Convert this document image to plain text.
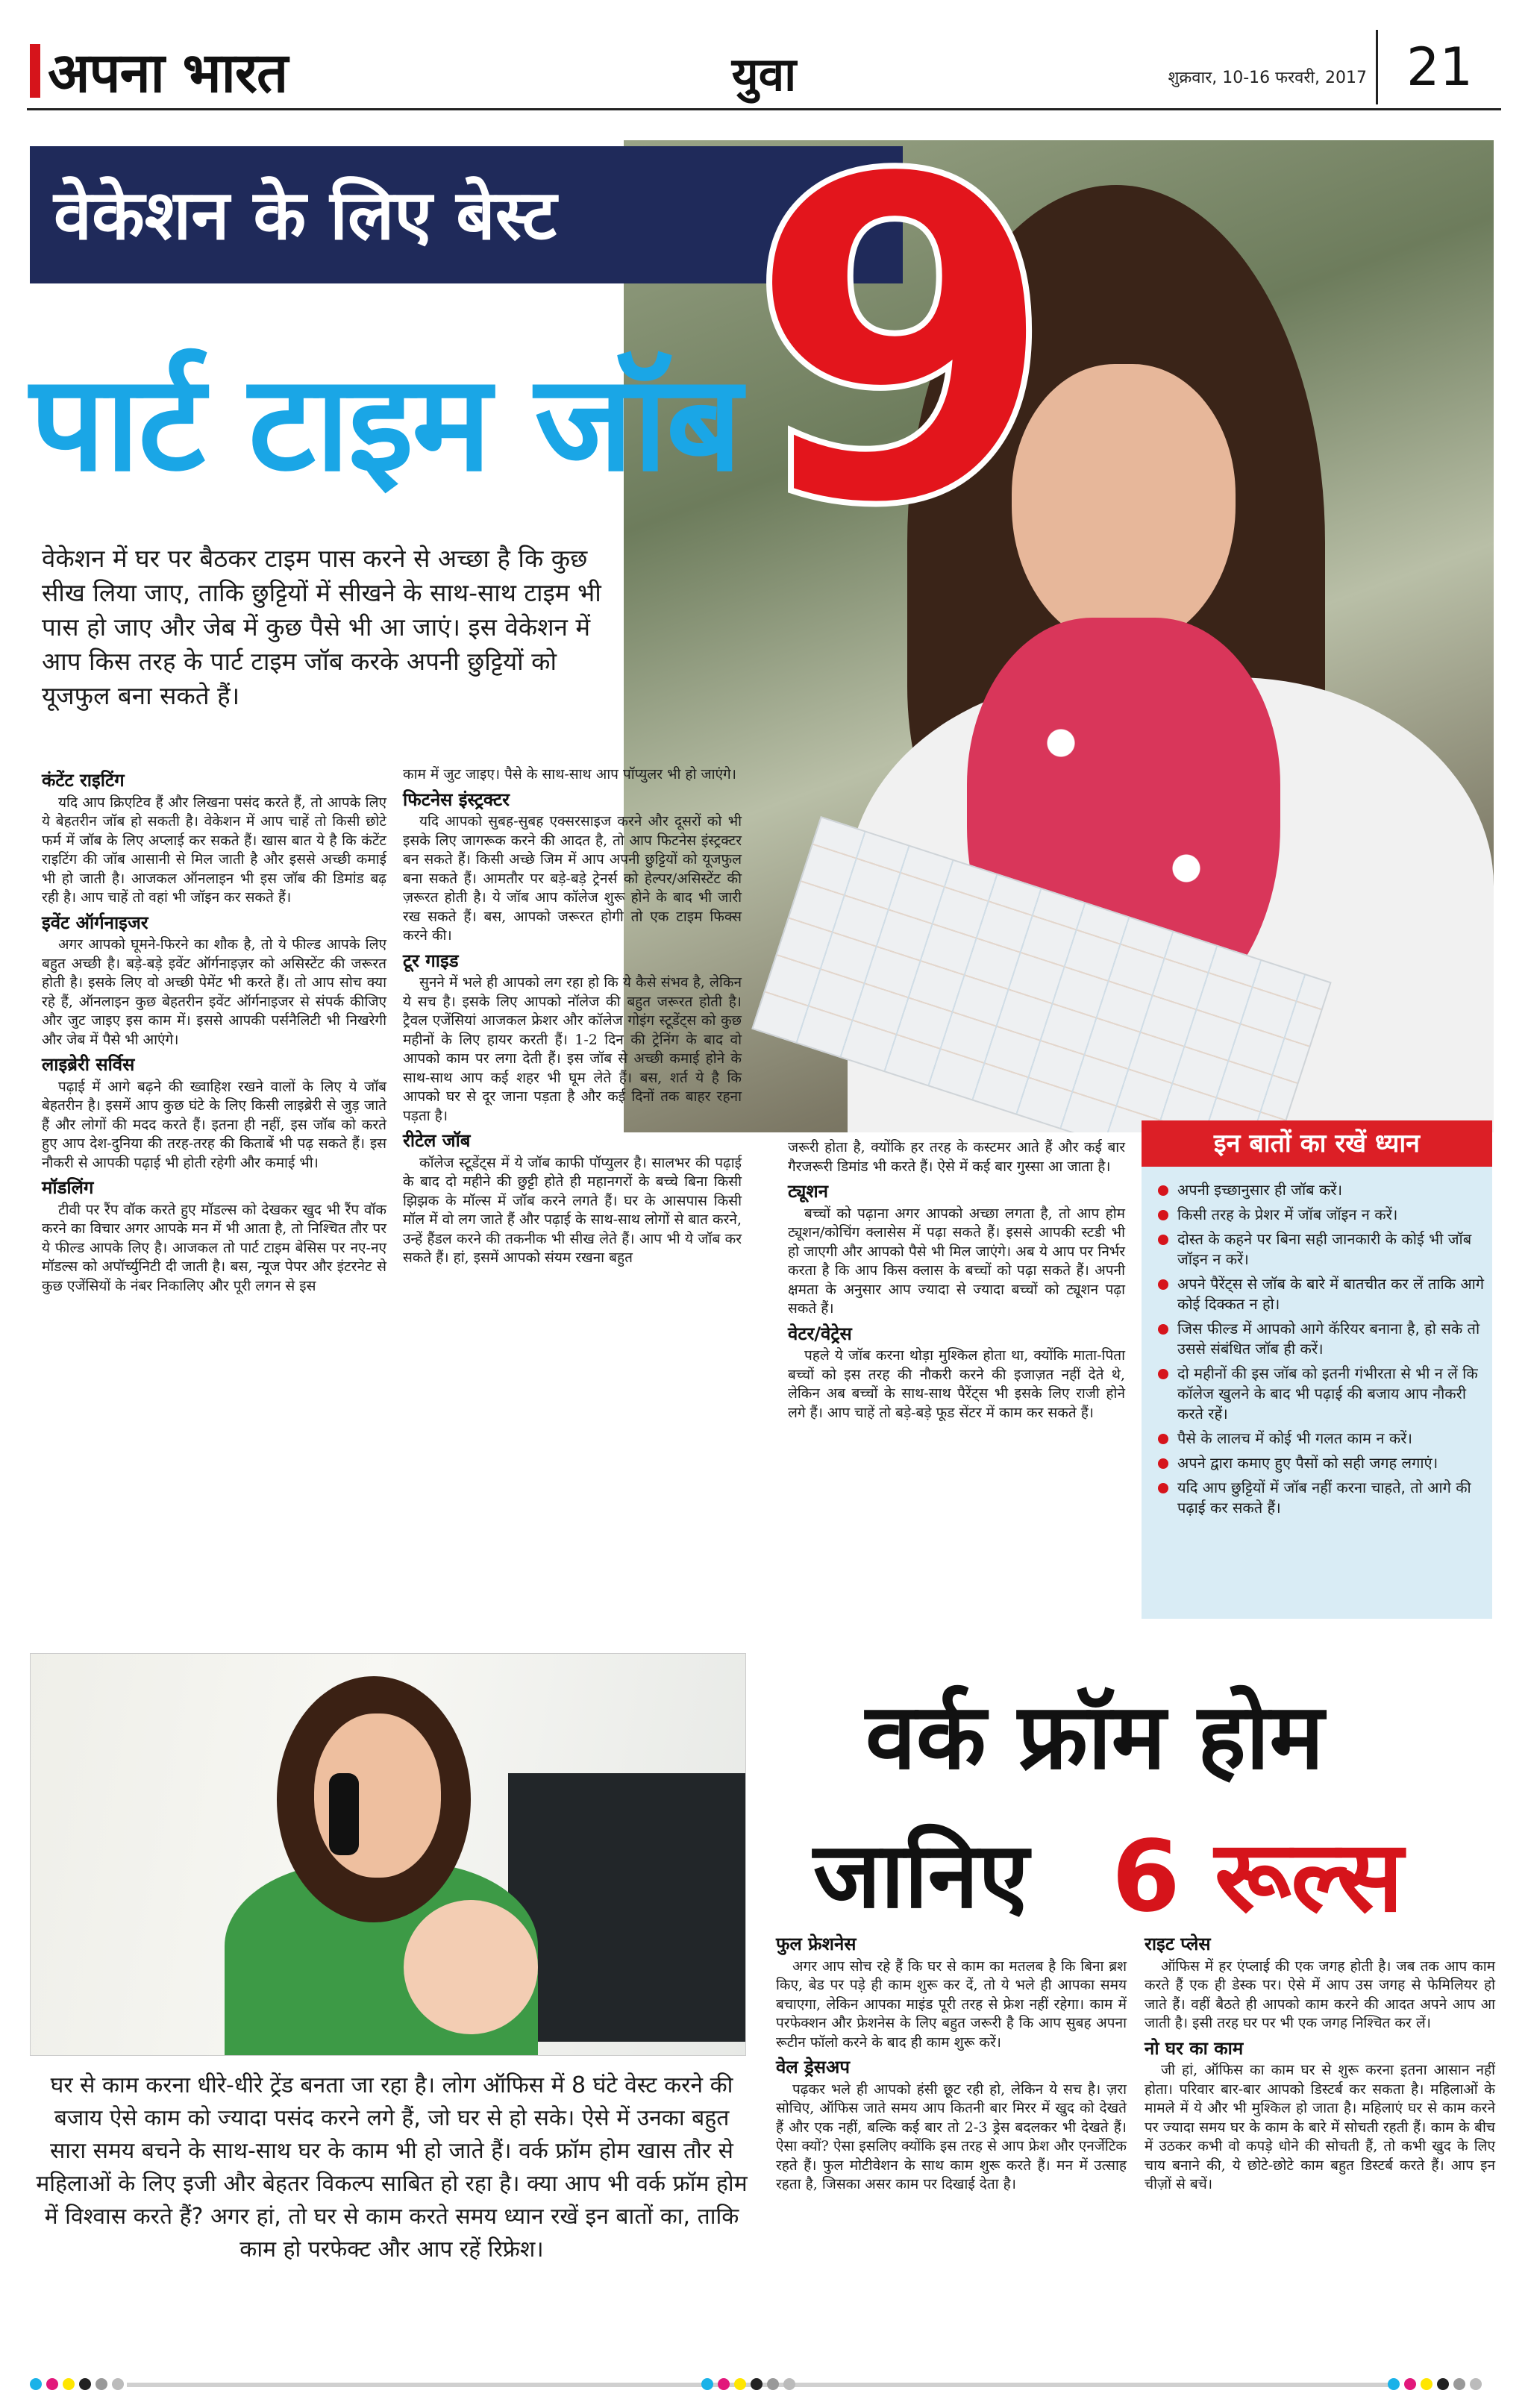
अपना भारत	युवा	शुक्रवार, 10-16 फरवरी, 2017 21
वेकेशन के लिए बेस्ट
पार्ट टाइम जॉब 9

वेकेशन में घर पर बैठकर टाइम पास करने से अच्छा है कि कुछ सीख लिया जाए, ताकि छुट्टियों में सीखने के साथ-साथ टाइम भी पास हो जाए और जेब में कुछ पैसे भी आ जाएं। इस वेकेशन में आप किस तरह के पार्ट टाइम जॉब करके अपनी छुट्टियों को यूजफुल बना सकते हैं।

कंटेंट राइटिंग

यदि आप क्रिएटिव हैं और लिखना पसंद करते हैं, तो आपके लिए ये बेहतरीन जॉब हो सकती है। वेकेशन में आप चाहें तो किसी छोटे फर्म में जॉब के लिए अप्लाई कर सकते हैं। खास बात ये है कि कंटेंट राइटिंग की जॉब आसानी से मिल जाती है और इससे अच्छी कमाई भी हो जाती है। आजकल ऑनलाइन भी इस जॉब की डिमांड बढ़ रही है। आप चाहें तो वहां भी जॉइन कर सकते हैं।

इवेंट ऑर्गनाइजर

अगर आपको घूमने-फिरने का शौक है, तो ये फील्ड आपके लिए बहुत अच्छी है। बड़े-बड़े इवेंट ऑर्गनाइज़र को असिस्टेंट की जरूरत होती है। इसके लिए वो अच्छी पेमेंट भी करते हैं। तो आप सोच क्या रहे हैं, ऑनलाइन कुछ बेहतरीन इवेंट ऑर्गनाइजर से संपर्क कीजिए और जुट जाइए इस काम में। इससे आपकी पर्सनैलिटी भी निखरेगी और जेब में पैसे भी आएंगे।

लाइब्रेरी सर्विस

पढ़ाई में आगे बढ़ने की ख्वाहिश रखने वालों के लिए ये जॉब बेहतरीन है। इसमें आप कुछ घंटे के लिए किसी लाइब्रेरी से जुड़ जाते हैं और लोगों की मदद करते हैं। इतना ही नहीं, इस जॉब को करते हुए आप देश-दुनिया की तरह-तरह की किताबें भी पढ़ सकते हैं। इस नौकरी से आपकी पढ़ाई भी होती रहेगी और कमाई भी।

मॉडलिंग

टीवी पर रैंप वॉक करते हुए मॉडल्स को देखकर खुद भी रैंप वॉक करने का विचार अगर आपके मन में भी आता है, तो निश्चित तौर पर ये फील्ड आपके लिए है। आजकल तो पार्ट टाइम बेसिस पर नए-नए मॉडल्स को अपॉर्च्युनिटी दी जाती है। बस, न्यूज पेपर और इंटरनेट से कुछ एजेंसियों के नंबर निकालिए और पूरी लगन से इस

काम में जुट जाइए। पैसे के साथ-साथ आप पॉप्युलर भी हो जाएंगे।

फिटनेस इंस्ट्रक्टर

यदि आपको सुबह-सुबह एक्सरसाइज करने और दूसरों को भी इसके लिए जागरूक करने की आदत है, तो आप फिटनेस इंस्ट्रक्टर बन सकते हैं। किसी अच्छे जिम में आप अपनी छुट्टियों को यूजफुल बना सकते हैं। आमतौर पर बड़े-बड़े ट्रेनर्स को हेल्पर/असिस्टेंट की ज़रूरत होती है। ये जॉब आप कॉलेज शुरू होने के बाद भी जारी रख सकते हैं। बस, आपको जरूरत होगी तो एक टाइम फिक्स करने की।

टूर गाइड

सुनने में भले ही आपको लग रहा हो कि ये कैसे संभव है, लेकिन ये सच है। इसके लिए आपको नॉलेज की बहुत जरूरत होती है। ट्रैवल एजेंसियां आजकल फ्रेशर और कॉलेज गोइंग स्टूडेंट्स को कुछ महीनों के लिए हायर करती हैं। 1-2 दिन की ट्रेनिंग के बाद वो आपको काम पर लगा देती हैं। इस जॉब से अच्छी कमाई होने के साथ-साथ आप कई शहर भी घूम लेते हैं। बस, शर्त ये है कि आपको घर से दूर जाना पड़ता है और कई दिनों तक बाहर रहना पड़ता है।

रीटेल जॉब

कॉलेज स्टूडेंट्स में ये जॉब काफी पॉप्युलर है। सालभर की पढ़ाई के बाद दो महीने की छुट्टी होते ही महानगरों के बच्चे बिना किसी झिझक के मॉल्स में जॉब करने लगते हैं। घर के आसपास किसी मॉल में वो लग जाते हैं और पढ़ाई के साथ-साथ लोगों से बात करने, उन्हें हैंडल करने की तकनीक भी सीख लेते हैं। आप भी ये जॉब कर सकते हैं। हां, इसमें आपको संयम रखना बहुत

जरूरी होता है, क्योंकि हर तरह के कस्टमर आते हैं और कई बार गैरजरूरी डिमांड भी करते हैं। ऐसे में कई बार गुस्सा आ जाता है।

ट्यूशन

बच्चों को पढ़ाना अगर आपको अच्छा लगता है, तो आप होम ट्यूशन/कोचिंग क्लासेस में पढ़ा सकते हैं। इससे आपकी स्टडी भी हो जाएगी और आपको पैसे भी मिल जाएंगे। अब ये आप पर निर्भर करता है कि आप किस क्लास के बच्चों को पढ़ा सकते हैं। अपनी क्षमता के अनुसार आप ज्यादा से ज्यादा बच्चों को ट्यूशन पढ़ा सकते हैं।

वेटर/वेट्रेस

पहले ये जॉब करना थोड़ा मुश्किल होता था, क्योंकि माता-पिता बच्चों को इस तरह की नौकरी करने की इजाज़त नहीं देते थे, लेकिन अब बच्चों के साथ-साथ पैरेंट्स भी इसके लिए राजी होने लगे हैं। आप चाहें तो बड़े-बड़े फूड सेंटर में काम कर सकते हैं।

इन बातों का रखें ध्यान
अपनी इच्छानुसार ही जॉब करें।
किसी तरह के प्रेशर में जॉब जॉइन न करें।
दोस्त के कहने पर बिना सही जानकारी के कोई भी जॉब जॉइन न करें।
अपने पैरेंट्स से जॉब के बारे में बातचीत कर लें ताकि आगे कोई दिक्कत न हो।
जिस फील्ड में आपको आगे कॅरियर बनाना है, हो सके तो उससे संबंधित जॉब ही करें।
दो महीनों की इस जॉब को इतनी गंभीरता से भी न लें कि कॉलेज खुलने के बाद भी पढ़ाई की बजाय आप नौकरी करते रहें।
पैसे के लालच में कोई भी गलत काम न करें।
अपने द्वारा कमाए हुए पैसों को सही जगह लगाएं।
यदि आप छुट्टियों में जॉब नहीं करना चाहते, तो आगे की पढ़ाई कर सकते हैं।
वर्क फ्रॉम होम
जानिए 6 रूल्स

घर से काम करना धीरे-धीरे ट्रेंड बनता जा रहा है। लोग ऑफिस में 8 घंटे वेस्ट करने की बजाय ऐसे काम को ज्यादा पसंद करने लगे हैं, जो घर से हो सके। ऐसे में उनका बहुत सारा समय बचने के साथ-साथ घर के काम भी हो जाते हैं। वर्क फ्रॉम होम खास तौर से महिलाओं के लिए इजी और बेहतर विकल्प साबित हो रहा है। क्या आप भी वर्क फ्रॉम होम में विश्वास करते हैं? अगर हां, तो घर से काम करते समय ध्यान रखें इन बातों का, ताकि काम हो परफेक्ट और आप रहें रिफ्रेश।

फुल फ्रेशनेस

अगर आप सोच रहे हैं कि घर से काम का मतलब है कि बिना ब्रश किए, बेड पर पड़े ही काम शुरू कर दें, तो ये भले ही आपका समय बचाएगा, लेकिन आपका माइंड पूरी तरह से फ्रेश नहीं रहेगा। काम में परफेक्शन और फ्रेशनेस के लिए बहुत जरूरी है कि आप सुबह अपना रूटीन फॉलो करने के बाद ही काम शुरू करें।

वेल ड्रेसअप

पढ़कर भले ही आपको हंसी छूट रही हो, लेकिन ये सच है। ज़रा सोचिए, ऑफिस जाते समय आप कितनी बार मिरर में खुद को देखते हैं और एक नहीं, बल्कि कई बार तो 2-3 ड्रेस बदलकर भी देखते हैं। ऐसा क्यों? ऐसा इसलिए क्योंकि इस तरह से आप फ्रेश और एनर्जेटिक रहते हैं। फुल मोटीवेशन के साथ काम शुरू करते हैं। मन में उत्साह रहता है, जिसका असर काम पर दिखाई देता है।

राइट प्लेस

ऑफिस में हर एंप्लाई की एक जगह होती है। जब तक आप काम करते हैं एक ही डेस्क पर। ऐसे में आप उस जगह से फेमिलियर हो जाते हैं। वहीं बैठते ही आपको काम करने की आदत अपने आप आ जाती है। इसी तरह घर पर भी एक जगह निश्चित कर लें।

नो घर का काम

जी हां, ऑफिस का काम घर से शुरू करना इतना आसान नहीं होता। परिवार बार-बार आपको डिस्टर्ब कर सकता है। महिलाओं के मामले में ये और भी मुश्किल हो जाता है। महिलाएं घर से काम करने पर ज्यादा समय घर के काम के बारे में सोचती रहती हैं। काम के बीच में उठकर कभी वो कपड़े धोने की सोचती हैं, तो कभी खुद के लिए चाय बनाने की, ये छोटे-छोटे काम बहुत डिस्टर्ब करते हैं। आप इन चीज़ों से बचें।
